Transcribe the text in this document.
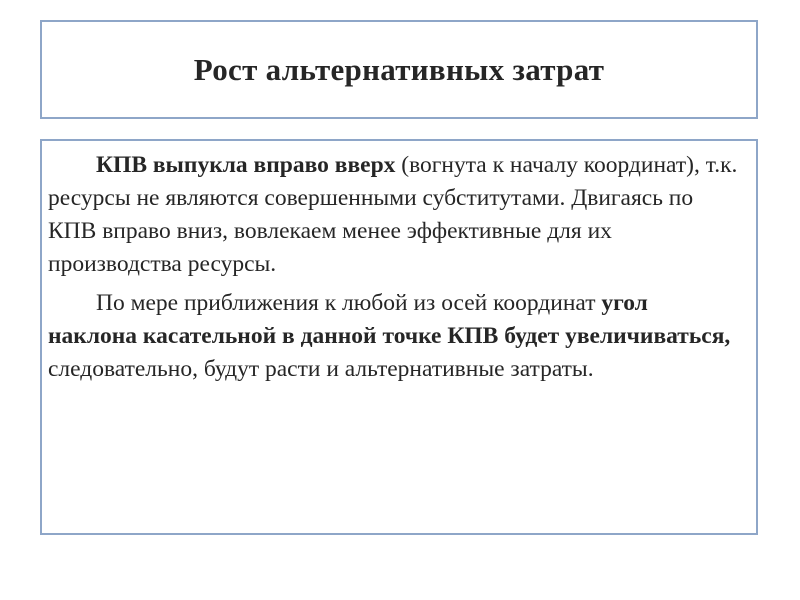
Рост альтернативных затрат

КПВ выпукла вправо вверх (вогнута к началу координат), т.к. ресурсы не являются совершенными субститутами. Двигаясь по КПВ вправо вниз, вовлекаем менее эффективные для их производства ресурсы.

По мере приближения к любой из осей координат угол наклона касательной в данной точке КПВ будет увеличиваться, следовательно, будут расти и альтернативные затраты.
